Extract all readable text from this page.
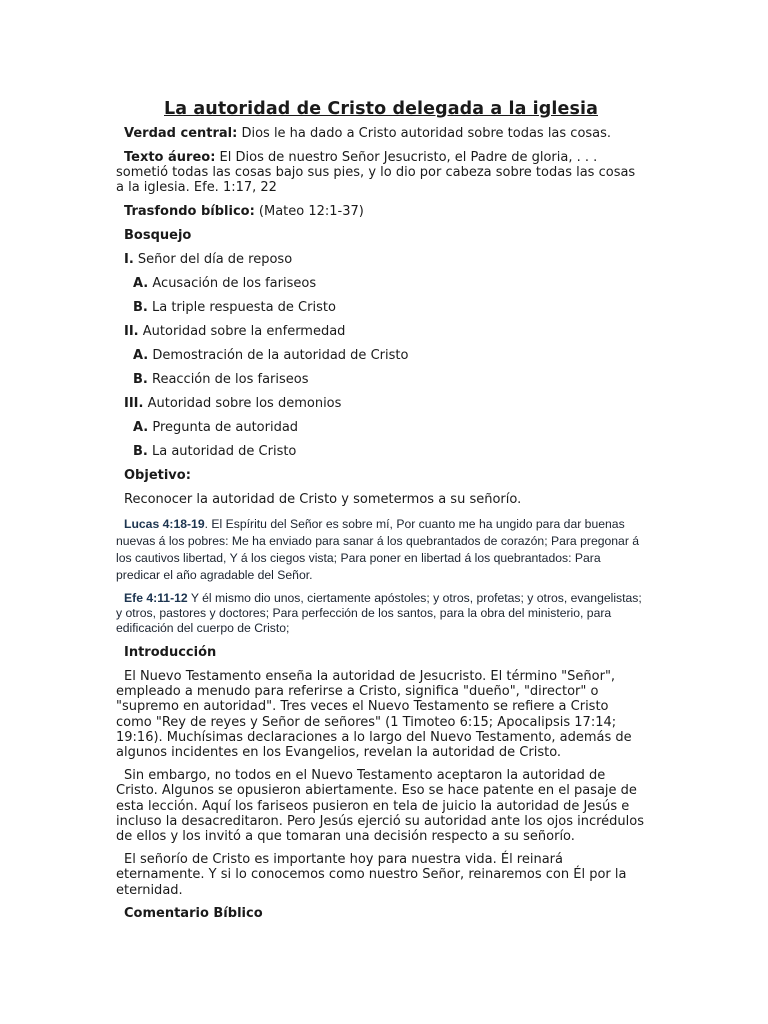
La autoridad de Cristo delegada a la iglesia
Verdad central: Dios le ha dado a Cristo autoridad sobre todas las cosas.
Texto áureo: El Dios de nuestro Señor Jesucristo, el Padre de gloria, . . . sometió todas las cosas bajo sus pies, y lo dio por cabeza sobre todas las cosas a la iglesia. Efe. 1:17, 22
Trasfondo bíblico: (Mateo 12:1-37)
Bosquejo
I. Señor del día de reposo
A. Acusación de los fariseos
B. La triple respuesta de Cristo
II. Autoridad sobre la enfermedad
A. Demostración de la autoridad de Cristo
B. Reacción de los fariseos
III. Autoridad sobre los demonios
A. Pregunta de autoridad
B. La autoridad de Cristo
Objetivo:
Reconocer la autoridad de Cristo y sometermos a su señorío.
Lucas 4:18-19. El Espíritu del Señor es sobre mí, Por cuanto me ha ungido para dar buenas nuevas á los pobres: Me ha enviado para sanar á los quebrantados de corazón; Para pregonar á los cautivos libertad, Y á los ciegos vista; Para poner en libertad á los quebrantados: Para predicar el año agradable del Señor.
Efe 4:11-12 Y él mismo dio unos, ciertamente apóstoles; y otros, profetas; y otros, evangelistas; y otros, pastores y doctores; Para perfección de los santos, para la obra del ministerio, para edificación del cuerpo de Cristo;
Introducción
El Nuevo Testamento enseña la autoridad de Jesucristo. El término "Señor", empleado a menudo para referirse a Cristo, significa "dueño", "director" o "supremo en autoridad". Tres veces el Nuevo Testamento se refiere a Cristo como "Rey de reyes y Señor de señores" (1 Timoteo 6:15; Apocalipsis 17:14; 19:16). Muchísimas declaraciones a lo largo del Nuevo Testamento, además de algunos incidentes en los Evangelios, revelan la autoridad de Cristo.
Sin embargo, no todos en el Nuevo Testamento aceptaron la autoridad de Cristo. Algunos se opusieron abiertamente. Eso se hace patente en el pasaje de esta lección. Aquí los fariseos pusieron en tela de juicio la autoridad de Jesús e incluso la desacreditaron. Pero Jesús ejerció su autoridad ante los ojos incrédulos de ellos y los invitó a que tomaran una decisión respecto a su señorío.
El señorío de Cristo es importante hoy para nuestra vida. Él reinará eternamente. Y si lo conocemos como nuestro Señor, reinaremos con Él por la eternidad.
Comentario Bíblico
